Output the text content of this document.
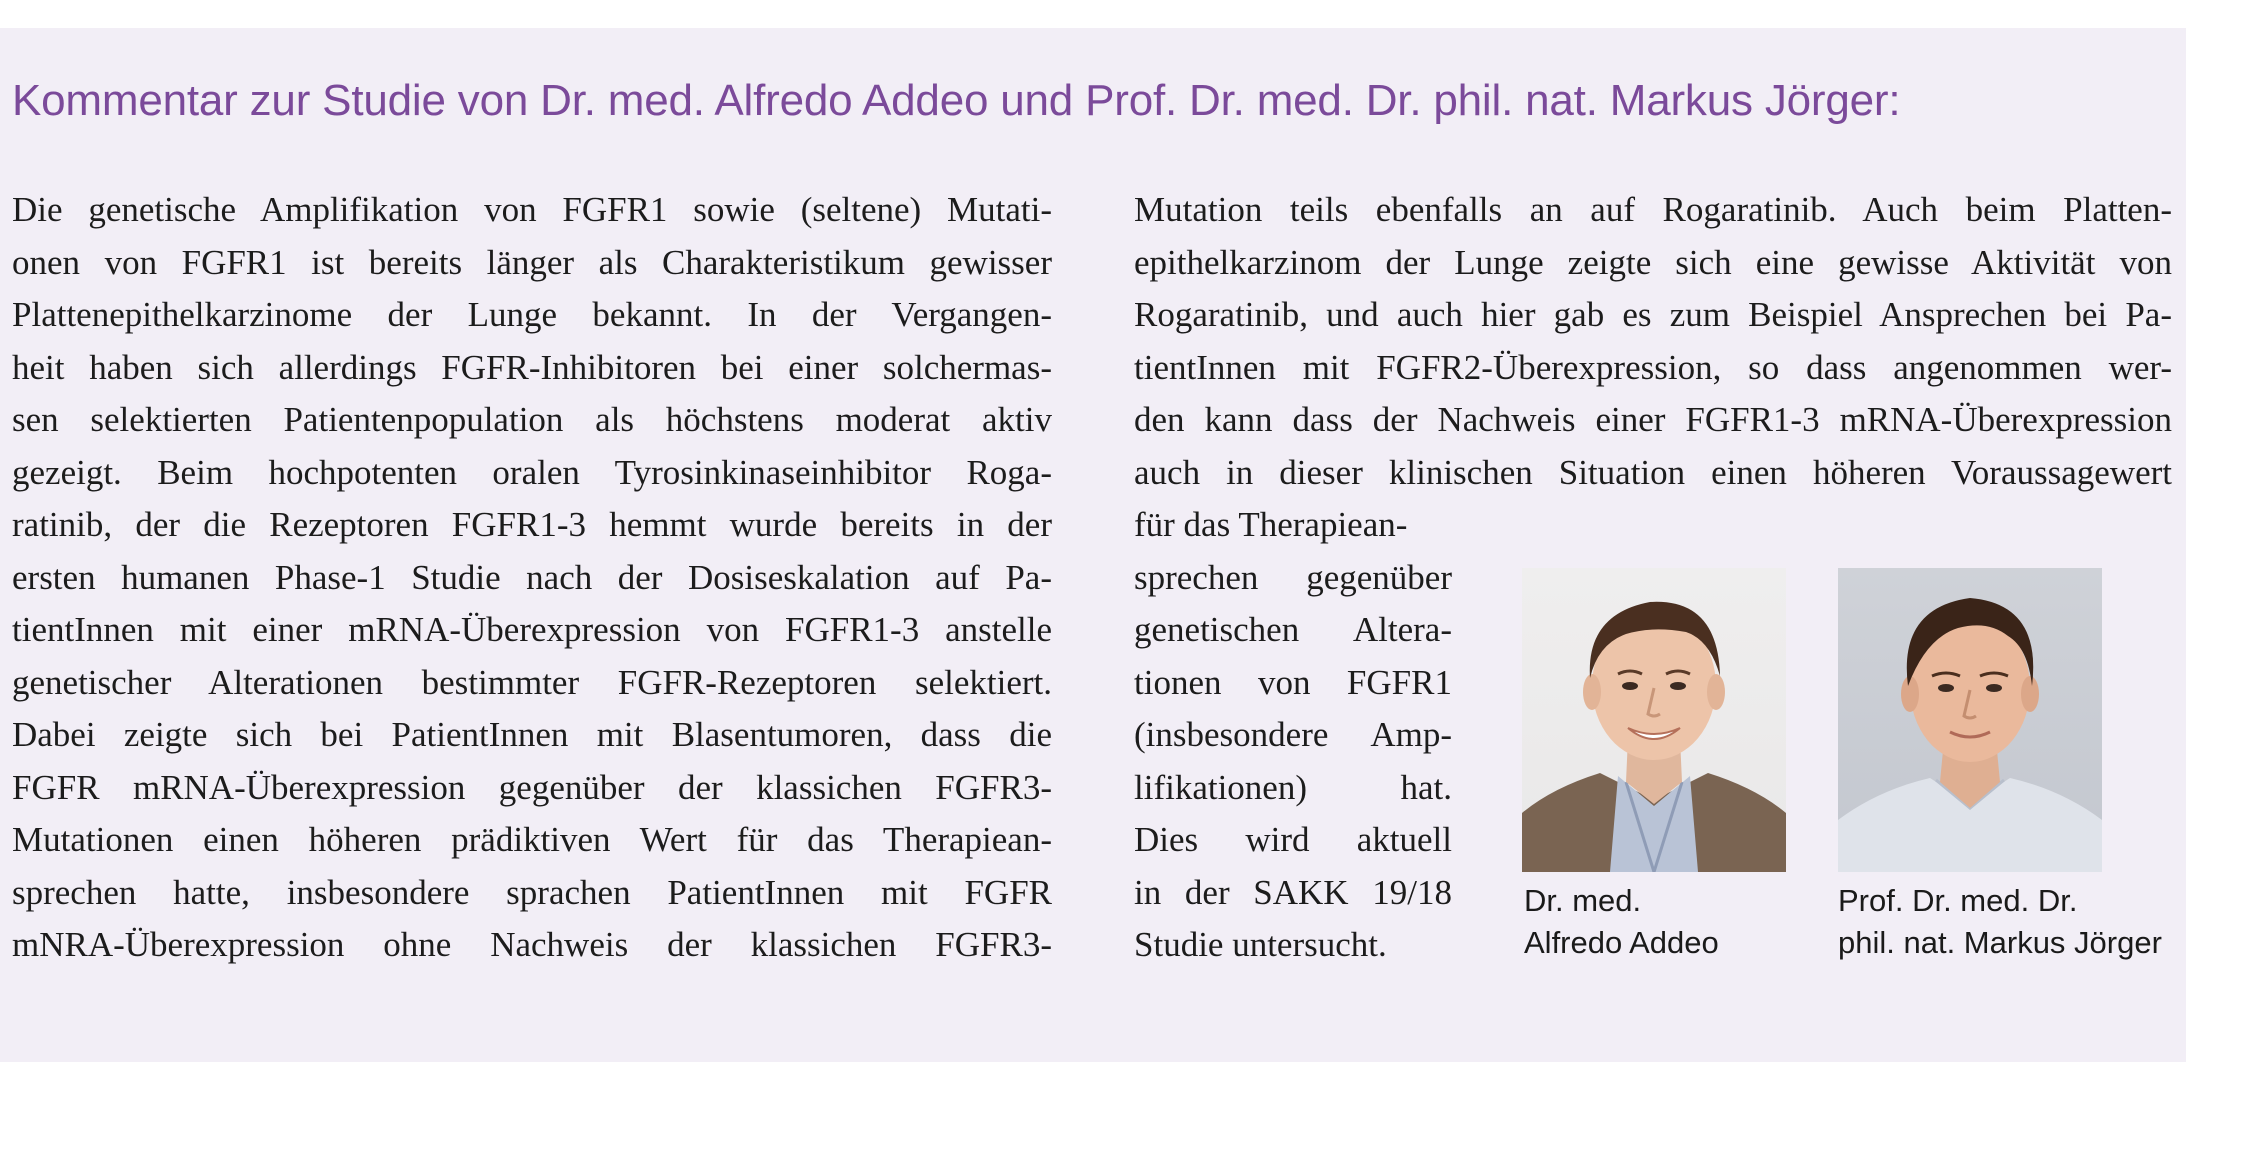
Kommentar zur Studie von Dr. med. Alfredo Addeo und Prof. Dr. med. Dr. phil. nat. Markus Jörger:
Die genetische Amplifikation von FGFR1 sowie (seltene) Mutati-
onen von FGFR1 ist bereits länger als Charakteristikum gewisser
Plattenepithelkarzinome der Lunge bekannt. In der Vergangen-
heit haben sich allerdings FGFR-Inhibitoren bei einer solchermas-
sen selektierten Patientenpopulation als höchstens moderat aktiv
gezeigt. Beim hochpotenten oralen Tyrosinkinaseinhibitor Roga-
ratinib, der die Rezeptoren FGFR1-3 hemmt wurde bereits in der
ersten humanen Phase-1 Studie nach der Dosiseskalation auf Pa-
tientInnen mit einer mRNA-Überexpression von FGFR1-3 anstelle
genetischer Alterationen bestimmter FGFR-Rezeptoren selektiert.
Dabei zeigte sich bei PatientInnen mit Blasentumoren, dass die
FGFR mRNA-Überexpression gegenüber der klassichen FGFR3-
Mutationen einen höheren prädiktiven Wert für das Therapiean-
sprechen hatte, insbesondere sprachen PatientInnen mit FGFR
mNRA-Überexpression ohne Nachweis der klassichen FGFR3-
Mutation teils ebenfalls an auf Rogaratinib. Auch beim Platten-
epithelkarzinom der Lunge zeigte sich eine gewisse Aktivität von
Rogaratinib, und auch hier gab es zum Beispiel Ansprechen bei Pa-
tientInnen mit FGFR2-Überexpression, so dass angenommen wer-
den kann dass der Nachweis einer FGFR1-3 mRNA-Überexpression
auch in dieser klinischen Situation einen höheren Voraussagewert
für das Therapiean-
sprechen gegenüber
genetischen Altera-
tionen von FGFR1
(insbesondere Amp-
lifikationen) hat.
Dies wird aktuell
in der SAKK 19/18
Studie untersucht.

Dr. med.
Alfredo Addeo

Prof. Dr. med. Dr.
phil. nat. Markus Jörger
